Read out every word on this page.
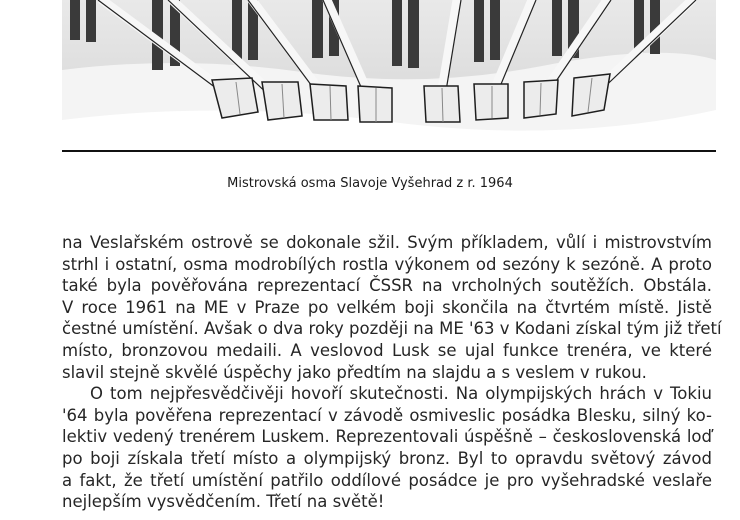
Mistrovská osma Slavoje Vyšehrad z r. 1964
na Veslařském ostrově se dokonale sžil. Svým příkladem, vůlí i mistrovstvím
strhl i ostatní, osma modrobílých rostla výkonem od sezóny k sezóně. A proto
také byla pověřována reprezentací ČSSR na vrcholných soutěžích. Obstála.
V roce 1961 na ME v Praze po velkém boji skončila na čtvrtém místě. Jistě
čestné umístění. Avšak o dva roky později na ME '63 v Kodani získal tým již třetí
místo, bronzovou medaili. A veslovod Lusk se ujal funkce trenéra, ve které
slavil stejně skvělé úspěchy jako předtím na slajdu a s veslem v rukou.
O tom nejpřesvědčivěji hovoří skutečnosti. Na olympijských hrách v Tokiu
'64 byla pověřena reprezentací v závodě osmiveslic posádka Blesku, silný ko-
lektiv vedený trenérem Luskem. Reprezentovali úspěšně – československá loď
po boji získala třetí místo a olympijský bronz. Byl to opravdu světový závod
a fakt, že třetí umístění patřilo oddílové posádce je pro vyšehradské veslaře
nejlepším vysvědčením. Třetí na světě!
